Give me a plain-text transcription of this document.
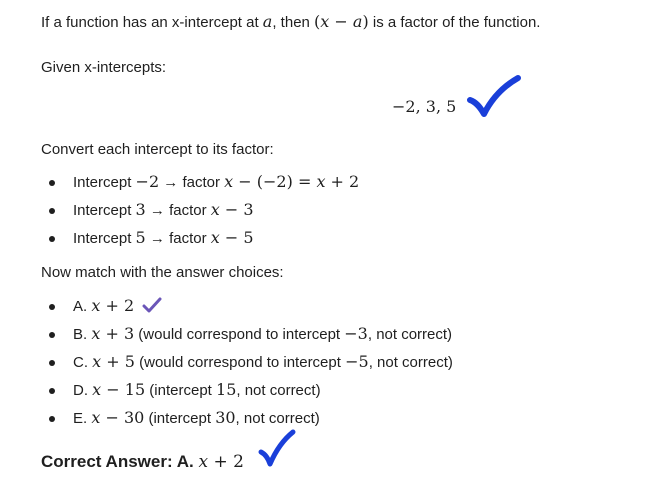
If a function has an x-intercept at a, then (x − a) is a factor of the function.
Given x-intercepts:
−2, 3, 5
Convert each intercept to its factor:
Intercept −2 → factor x − (−2) = x + 2
Intercept 3 → factor x − 3
Intercept 5 → factor x − 5
Now match with the answer choices:
A. x + 2
B. x + 3 (would correspond to intercept −3, not correct)
C. x + 5 (would correspond to intercept −5, not correct)
D. x − 15 (intercept 15, not correct)
E. x − 30 (intercept 30, not correct)
Correct Answer: A. x + 2
